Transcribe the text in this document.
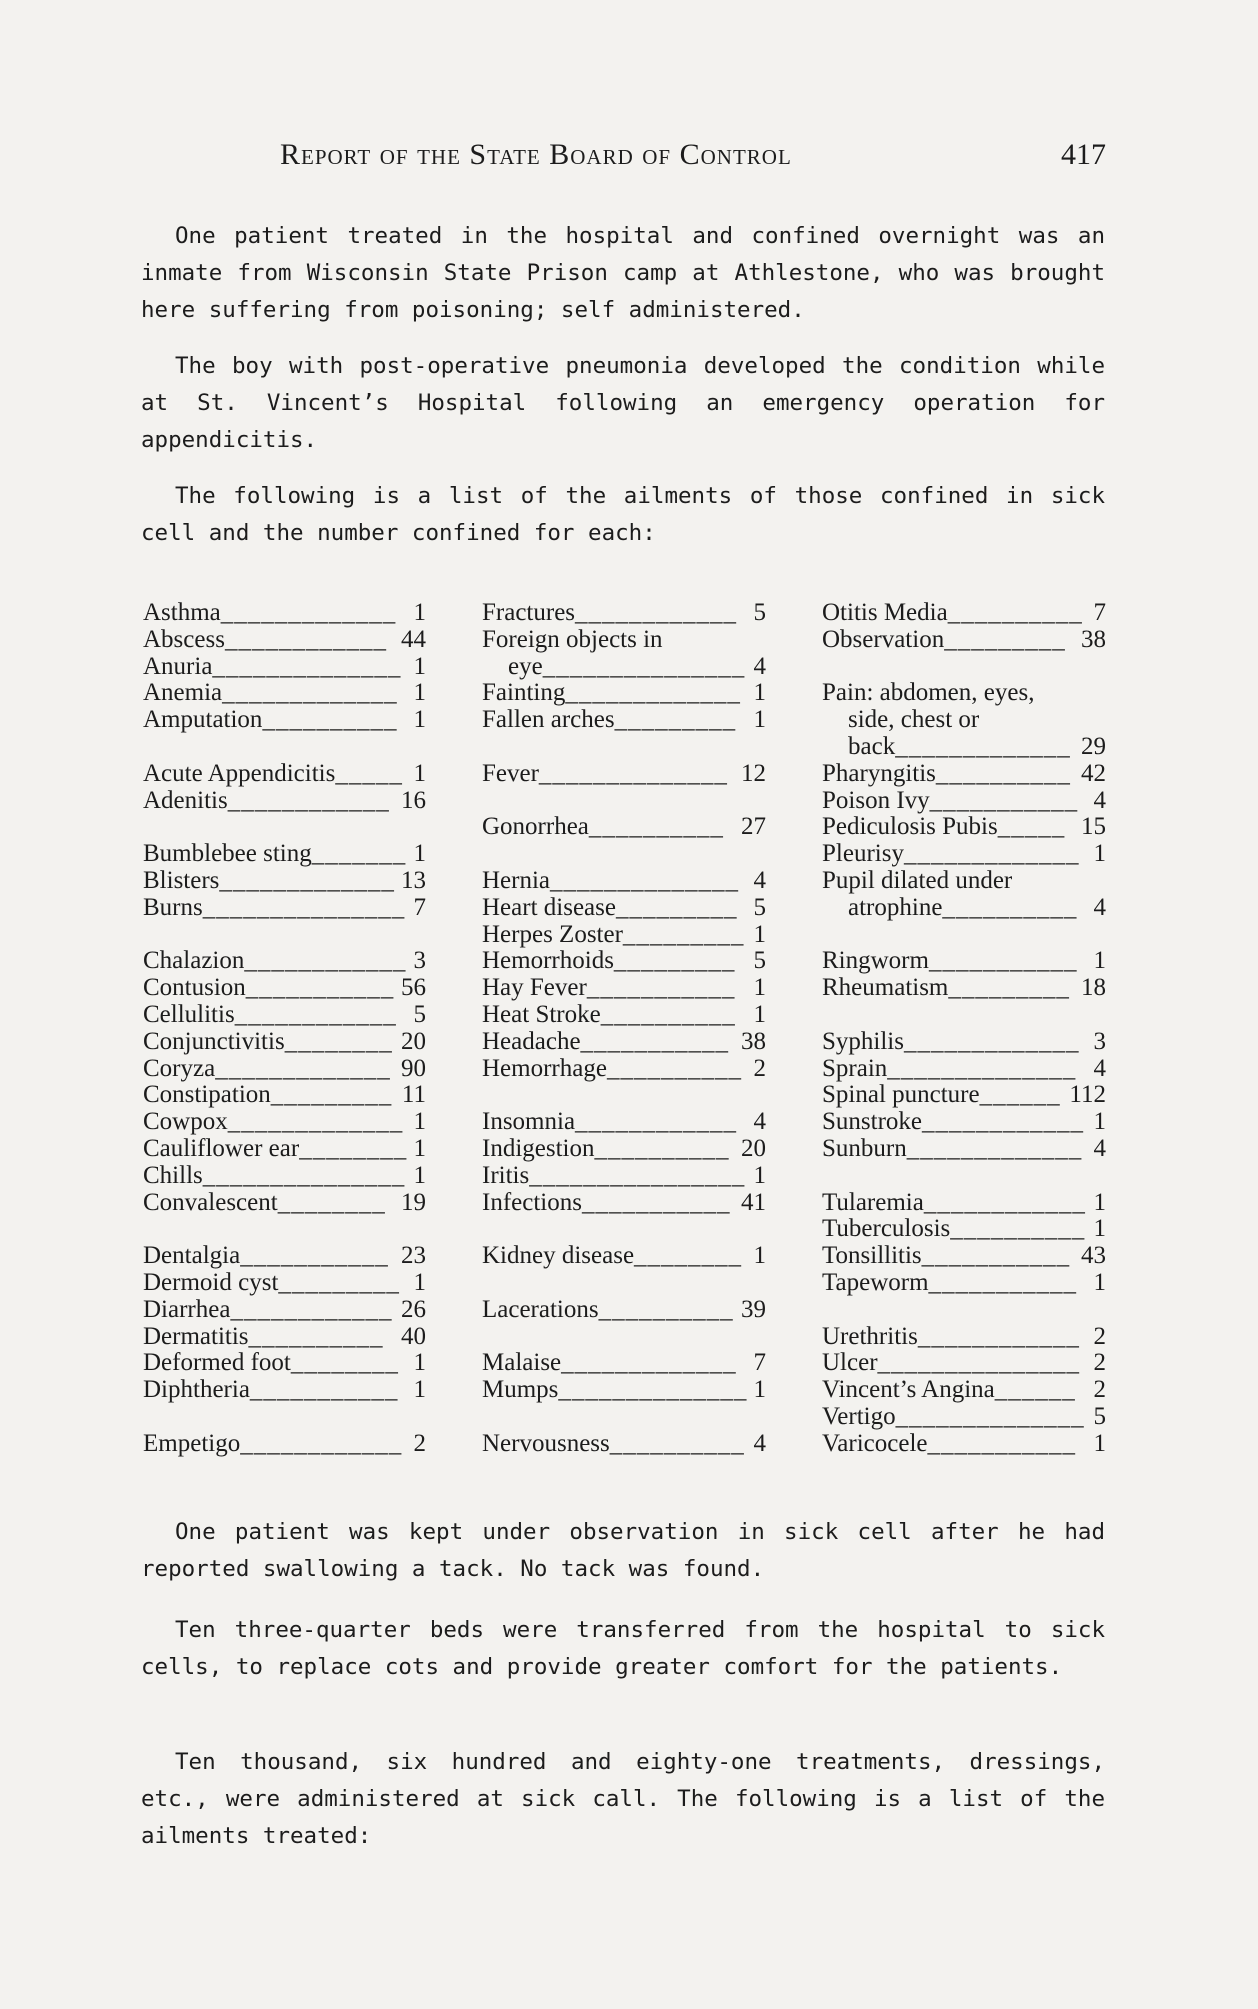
Report of the State Board of Control	417

One patient treated in the hospital and confined overnight was an inmate from Wisconsin State Prison camp at Athlestone, who was brought here suffering from poisoning; self administered.

The boy with post-operative pneumonia developed the condition while at St. Vincent’s Hospital following an emergency operation for appendicitis.

The following is a list of the ailments of those confined in sick cell and the number confined for each:

Asthma_____________ 1
Abscess____________ 44
Anuria______________ 1
Anemia_____________ 1
Amputation__________ 1
Acute Appendicitis_____ 1
Adenitis____________ 16
Bumblebee sting_______ 1
Blisters_____________ 13
Burns_______________ 7
Chalazion____________ 3
Contusion___________ 56
Cellulitis____________ 5
Conjunctivitis________ 20
Coryza_____________ 90
Constipation_________ 11
Cowpox_____________ 1
Cauliflower ear________ 1
Chills_______________ 1
Convalescent________ 19
Dentalgia___________ 23
Dermoid cyst_________ 1
Diarrhea____________ 26
Dermatitis__________ 40
Deformed foot________ 1
Diphtheria___________ 1
Empetigo____________ 2
Fractures____________ 5
Foreign objects in
eye_______________ 4
Fainting_____________ 1
Fallen arches_________ 1
Fever______________ 12
Gonorrhea__________ 27
Hernia______________ 4
Heart disease_________ 5
Herpes Zoster_________ 1
Hemorrhoids_________ 5
Hay Fever___________ 1
Heat Stroke__________ 1
Headache___________ 38
Hemorrhage__________ 2
Insomnia____________ 4
Indigestion__________ 20
Iritis________________ 1
Infections___________ 41
Kidney disease________ 1
Lacerations__________ 39
Malaise_____________ 7
Mumps______________ 1
Nervousness__________ 4
Otitis Media__________ 7
Observation_________ 38
Pain: abdomen, eyes,
side, chest or
back_____________ 29
Pharyngitis__________ 42
Poison Ivy___________ 4
Pediculosis Pubis_____ 15
Pleurisy_____________ 1
Pupil dilated under
atrophine__________ 4
Ringworm___________ 1
Rheumatism_________ 18
Syphilis_____________ 3
Sprain______________ 4
Spinal puncture______ 112
Sunstroke____________ 1
Sunburn_____________ 4
Tularemia____________ 1
Tuberculosis__________ 1
Tonsillitis___________ 43
Tapeworm___________ 1
Urethritis____________ 2
Ulcer_______________ 2
Vincent’s Angina______ 2
Vertigo______________ 5
Varicocele___________ 1

One patient was kept under observation in sick cell after he had reported swallowing a tack. No tack was found.

Ten three-quarter beds were transferred from the hospital to sick cells, to replace cots and provide greater comfort for the patients.

Ten thousand, six hundred and eighty-one treatments, dressings, etc., were administered at sick call. The following is a list of the ailments treated:
